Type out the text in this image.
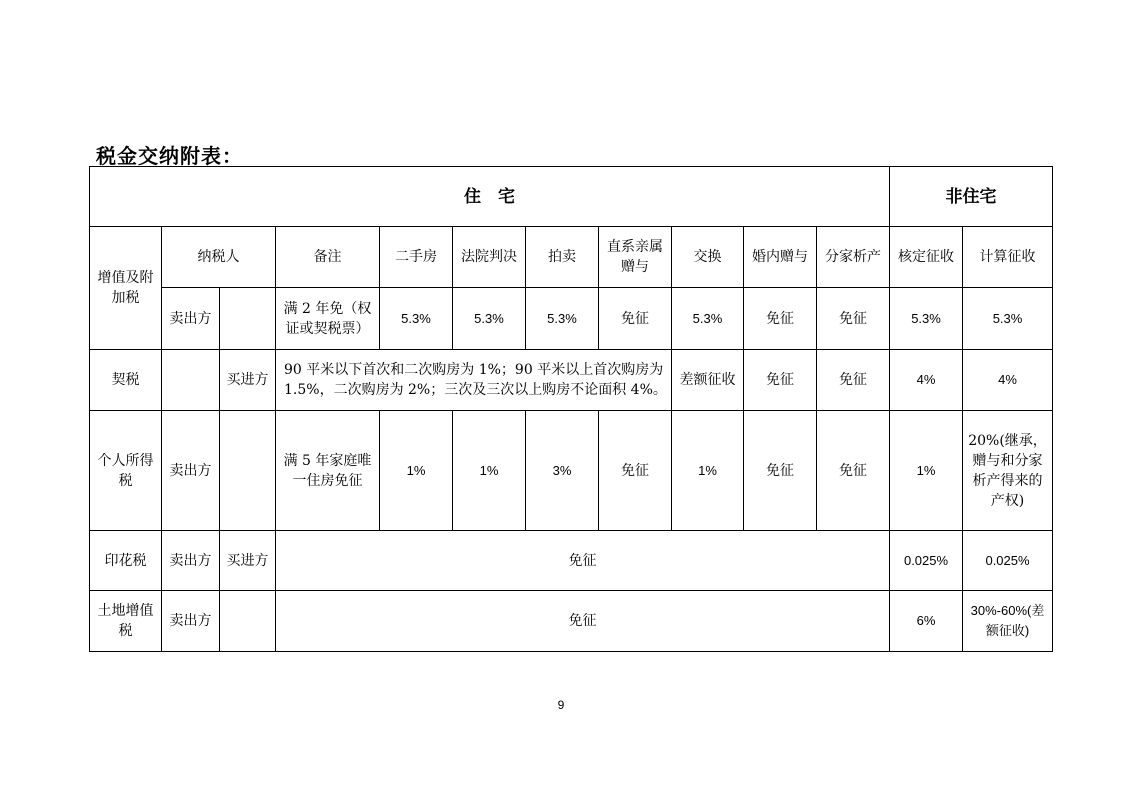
税金交纳附表：
住　宅											非住宅	
增值及附加税	纳税人		备注	二手房	法院判决	拍卖	直系亲属赠与	交换	婚内赠与	分家析产	核定征收	计算征收
	卖出方		满 2 年免（权证或契税票）	5.3%	5.3%	5.3%	免征	5.3%	免征	免征	5.3%	5.3%
契税		买进方	90 平米以下首次和二次购房为 1%；90 平米以上首次购房为 1.5%，二次购房为 2%；三次及三次以上购房不论面积 4%。					差额征收	免征	免征	4%	4%
个人所得税	卖出方		满 5 年家庭唯一住房免征	1%	1%	3%	免征	1%	免征	免征	1%	20%(继承，赠与和分家析产得来的产权)
印花税	卖出方	买进方	免征								0.025%	0.025%
土地增值税	卖出方		免征								6%	30%-60%(差额征收)
9
